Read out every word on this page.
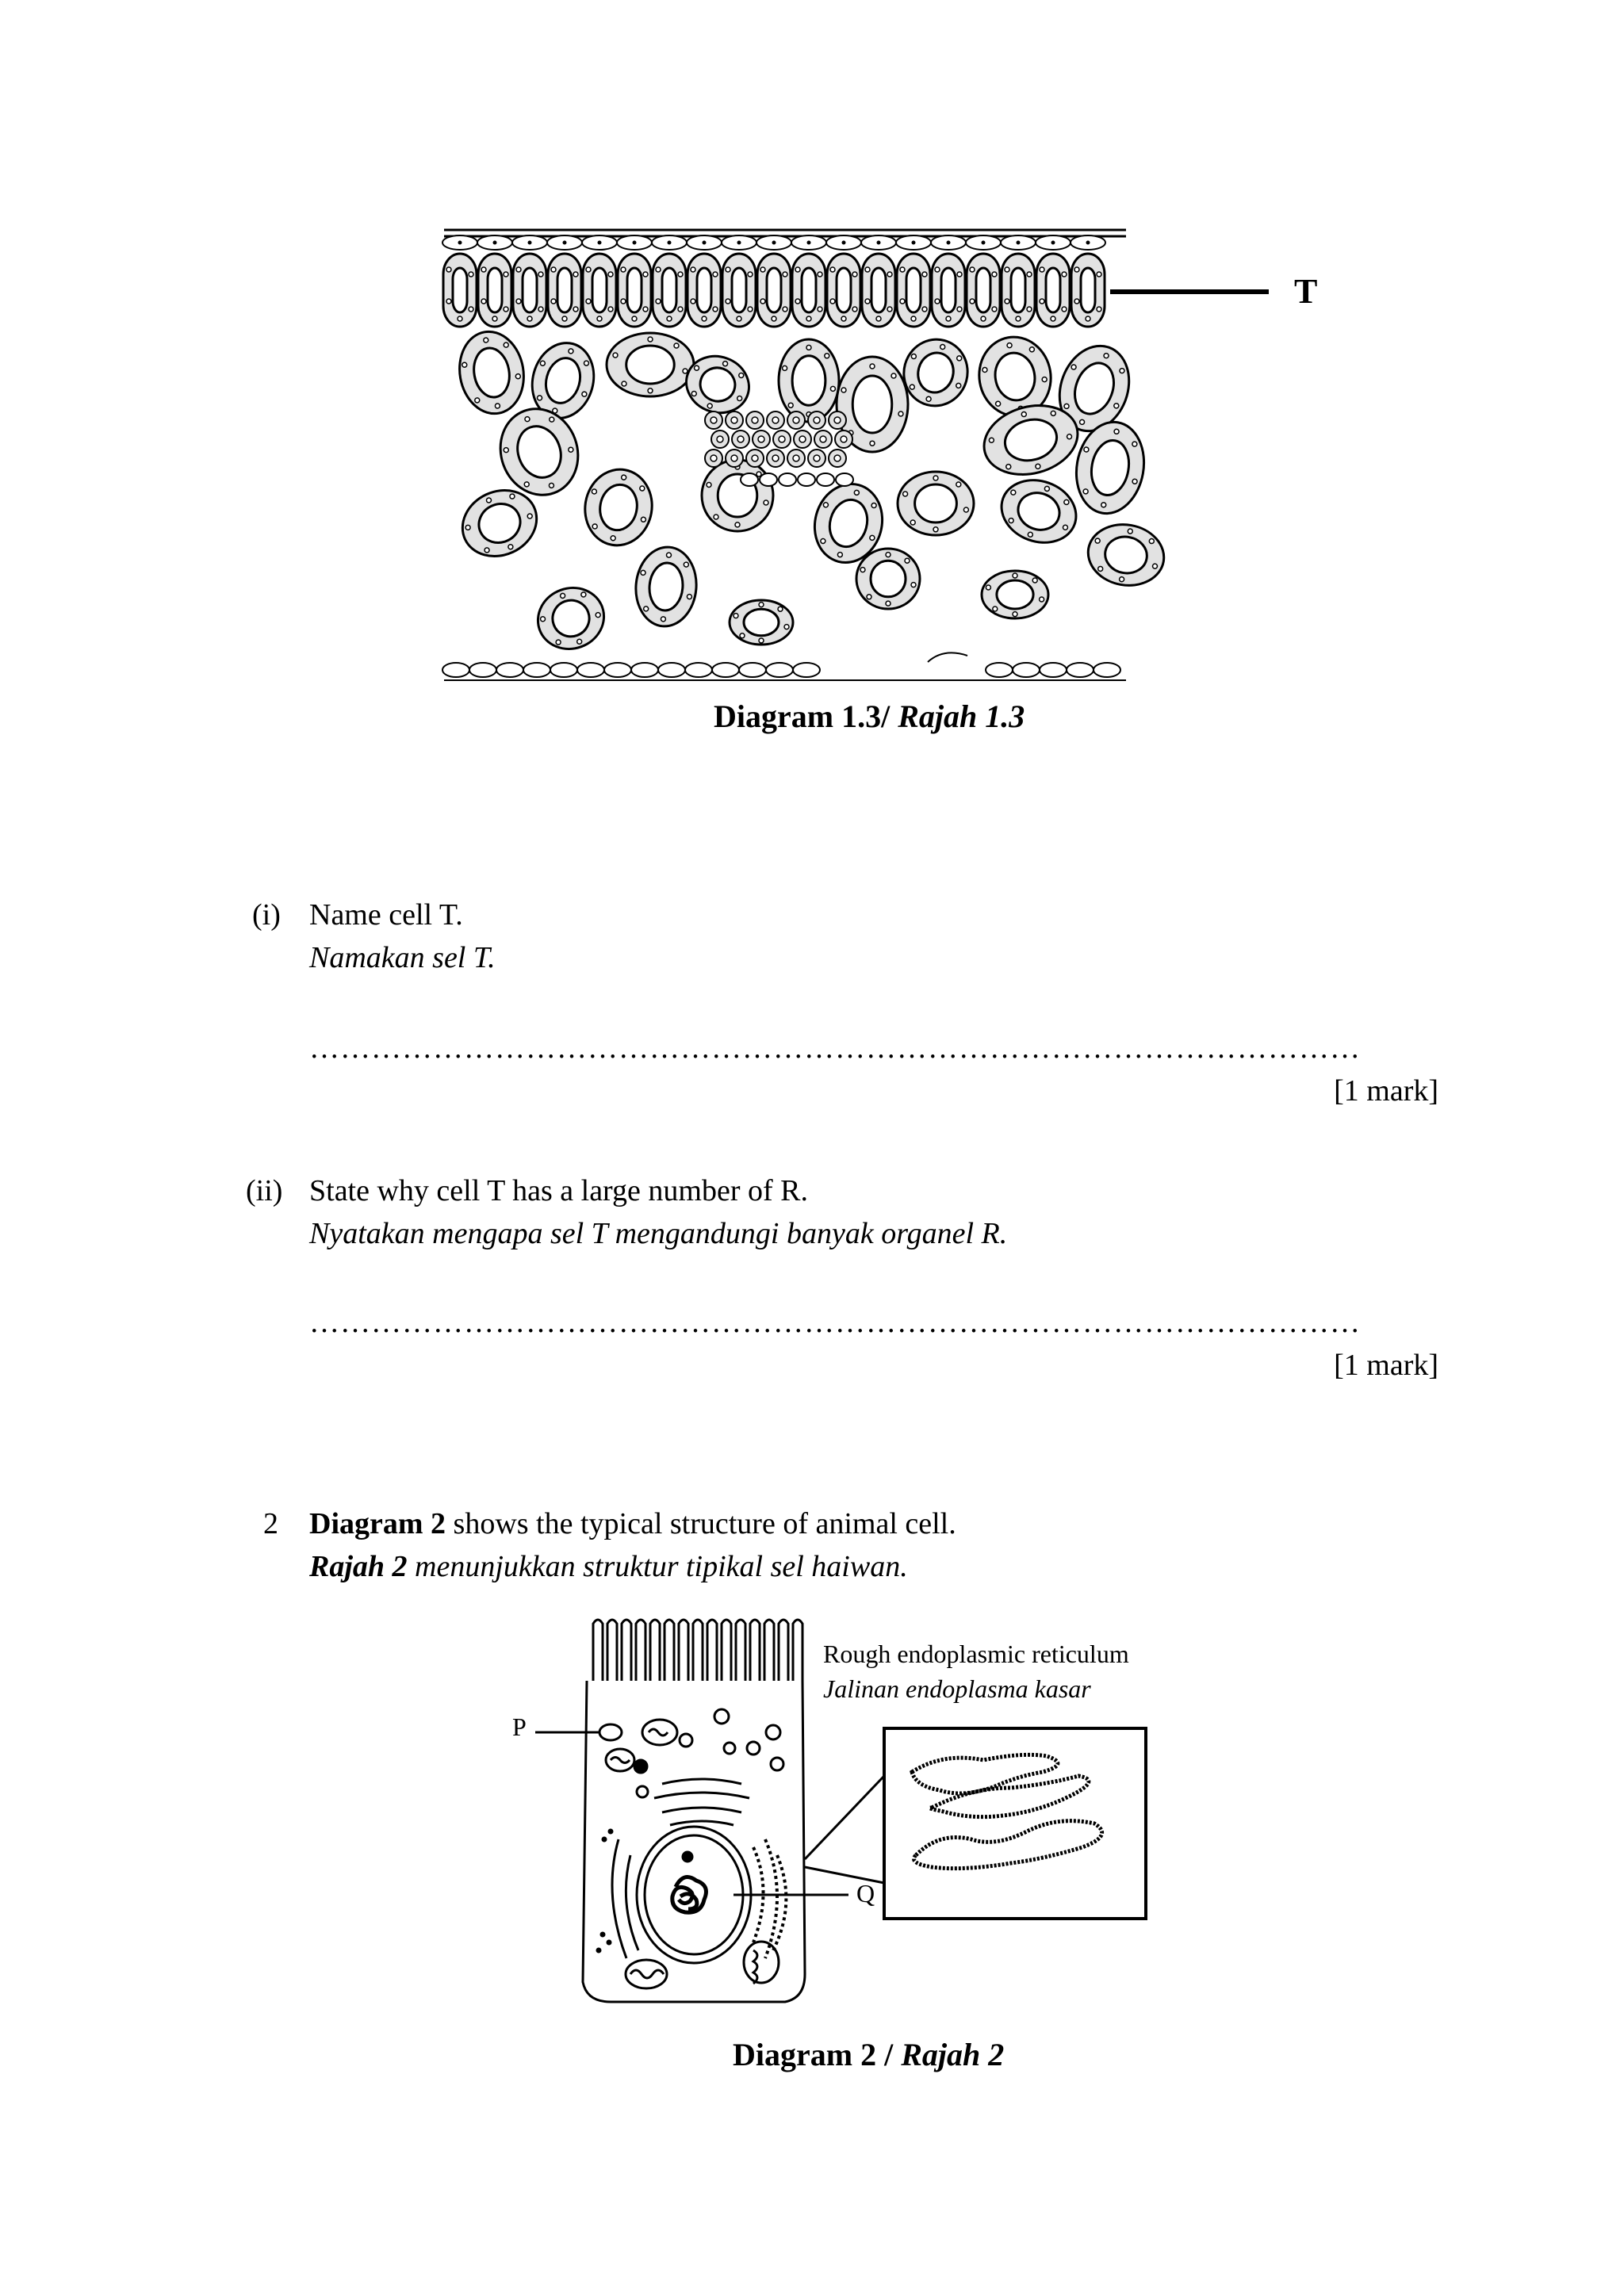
T
Diagram 1.3/ Rajah 1.3
(i) Name cell T.
Namakan sel T.
…………………………………………………………………………………………
[1 mark]
(ii) State why cell T has a large number of R.
Nyatakan mengapa sel T mengandungi banyak organel R.
…………………………………………………………………………………………
[1 mark]
2 Diagram 2 shows the typical structure of animal cell.
Rajah 2 menunjukkan struktur tipikal sel haiwan.
P
Q
Rough endoplasmic reticulum
Jalinan endoplasma kasar
Diagram 2 / Rajah 2
